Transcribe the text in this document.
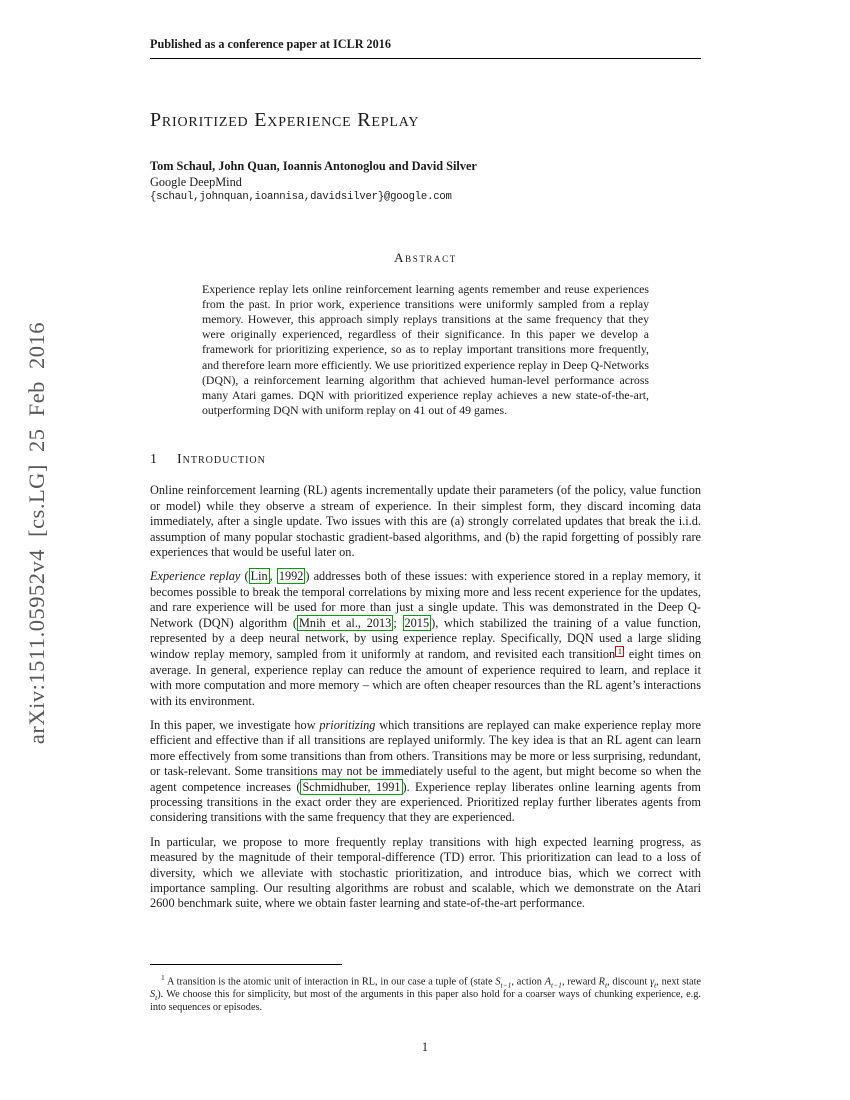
arXiv:1511.05952v4 [cs.LG] 25 Feb 2016
Published as a conference paper at ICLR 2016
Prioritized Experience Replay
Tom Schaul, John Quan, Ioannis Antonoglou and David Silver
Google DeepMind
{schaul,johnquan,ioannisa,davidsilver}@google.com
Abstract
Experience replay lets online reinforcement learning agents remember and reuse experiences from the past. In prior work, experience transitions were uniformly sampled from a replay memory. However, this approach simply replays transitions at the same frequency that they were originally experienced, regardless of their significance. In this paper we develop a framework for prioritizing experience, so as to replay important transitions more frequently, and therefore learn more efficiently. We use prioritized experience replay in Deep Q-Networks (DQN), a reinforcement learning algorithm that achieved human-level performance across many Atari games. DQN with prioritized experience replay achieves a new state-of-the-art, outperforming DQN with uniform replay on 41 out of 49 games.
1 Introduction

Online reinforcement learning (RL) agents incrementally update their parameters (of the policy, value function or model) while they observe a stream of experience. In their simplest form, they discard incoming data immediately, after a single update. Two issues with this are (a) strongly correlated updates that break the i.i.d. assumption of many popular stochastic gradient-based algorithms, and (b) the rapid forgetting of possibly rare experiences that would be useful later on.

Experience replay ( Lin , 1992 ) addresses both of these issues: with experience stored in a replay memory, it becomes possible to break the temporal correlations by mixing more and less recent experience for the updates, and rare experience will be used for more than just a single update. This was demonstrated in the Deep Q-Network (DQN) algorithm ( Mnih et al., 2013 ; 2015 ), which stabilized the training of a value function, represented by a deep neural network, by using experience replay. Specifically, DQN used a large sliding window replay memory, sampled from it uniformly at random, and revisited each transition 1 eight times on average. In general, experience replay can reduce the amount of experience required to learn, and replace it with more computation and more memory – which are often cheaper resources than the RL agent’s interactions with its environment.

In this paper, we investigate how prioritizing which transitions are replayed can make experience replay more efficient and effective than if all transitions are replayed uniformly. The key idea is that an RL agent can learn more effectively from some transitions than from others. Transitions may be more or less surprising, redundant, or task-relevant. Some transitions may not be immediately useful to the agent, but might become so when the agent competence increases ( Schmidhuber, 1991 ). Experience replay liberates online learning agents from processing transitions in the exact order they are experienced. Prioritized replay further liberates agents from considering transitions with the same frequency that they are experienced.

In particular, we propose to more frequently replay transitions with high expected learning progress, as measured by the magnitude of their temporal-difference (TD) error. This prioritization can lead to a loss of diversity, which we alleviate with stochastic prioritization, and introduce bias, which we correct with importance sampling. Our resulting algorithms are robust and scalable, which we demonstrate on the Atari 2600 benchmark suite, where we obtain faster learning and state-of-the-art performance.

$^1$ A transition is the atomic unit of interaction in RL, in our case a tuple of (state $S_{t-1}$, action $A_{t-1}$, reward $R_t$, discount $\gamma_t$, next state $S_t$). We choose this for simplicity, but most of the arguments in this paper also hold for a coarser ways of chunking experience, e.g. into sequences or episodes.

1
